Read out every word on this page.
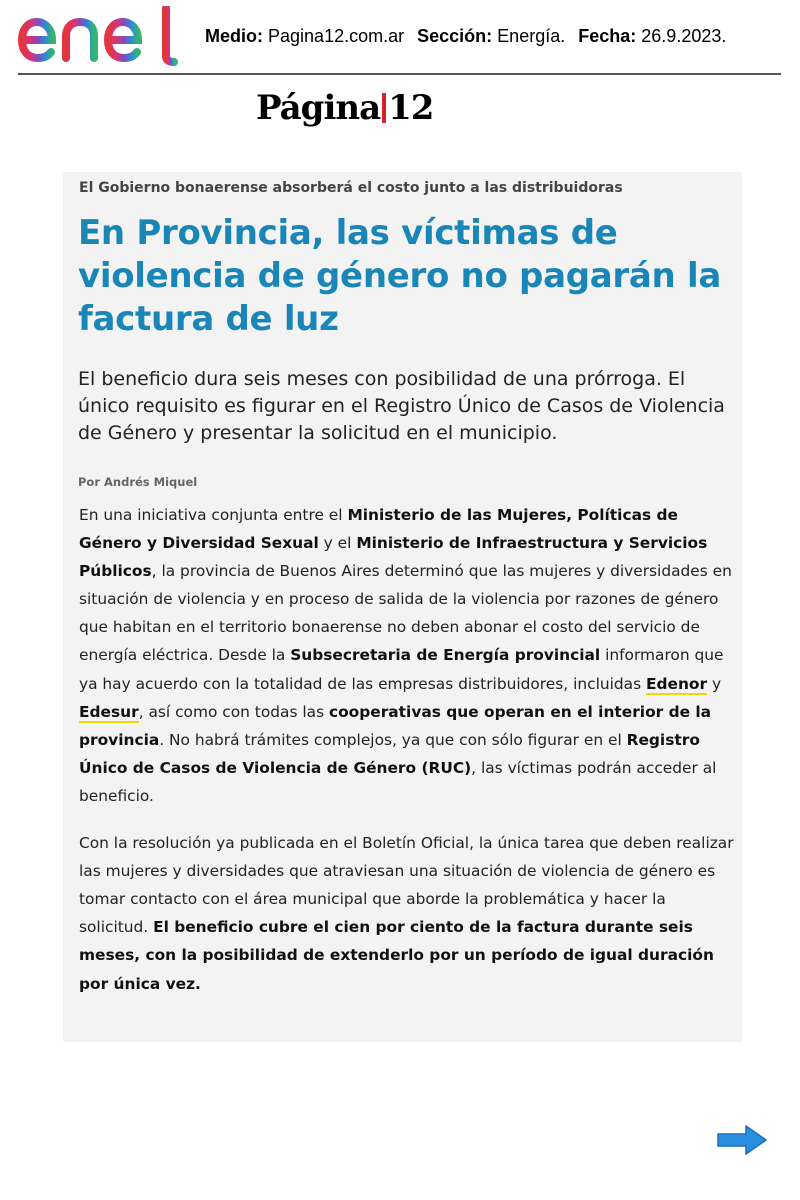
enel
Medio: Pagina12.com.ar Sección: Energía. Fecha: 26.9.2023.
Página 12
El Gobierno bonaerense absorberá el costo junto a las distribuidoras
En Provincia, las víctimas de violencia de género no pagarán la factura de luz

El beneficio dura seis meses con posibilidad de una prórroga. El único requisito es figurar en el Registro Único de Casos de Violencia de Género y presentar la solicitud en el municipio.

Por Andrés Miquel

En una iniciativa conjunta entre el Ministerio de las Mujeres, Políticas de Género y Diversidad Sexual y el Ministerio de Infraestructura y Servicios Públicos, la provincia de Buenos Aires determinó que las mujeres y diversidades en situación de violencia y en proceso de salida de la violencia por razones de género que habitan en el territorio bonaerense no deben abonar el costo del servicio de energía eléctrica. Desde la Subsecretaria de Energía provincial informaron que ya hay acuerdo con la totalidad de las empresas distribuidores, incluidas Edenor y Edesur, así como con todas las cooperativas que operan en el interior de la provincia. No habrá trámites complejos, ya que con sólo figurar en el Registro Único de Casos de Violencia de Género (RUC), las víctimas podrán acceder al beneficio.

Con la resolución ya publicada en el Boletín Oficial, la única tarea que deben realizar las mujeres y diversidades que atraviesan una situación de violencia de género es tomar contacto con el área municipal que aborde la problemática y hacer la solicitud. El beneficio cubre el cien por ciento de la factura durante seis meses, con la posibilidad de extenderlo por un período de igual duración por única vez.
